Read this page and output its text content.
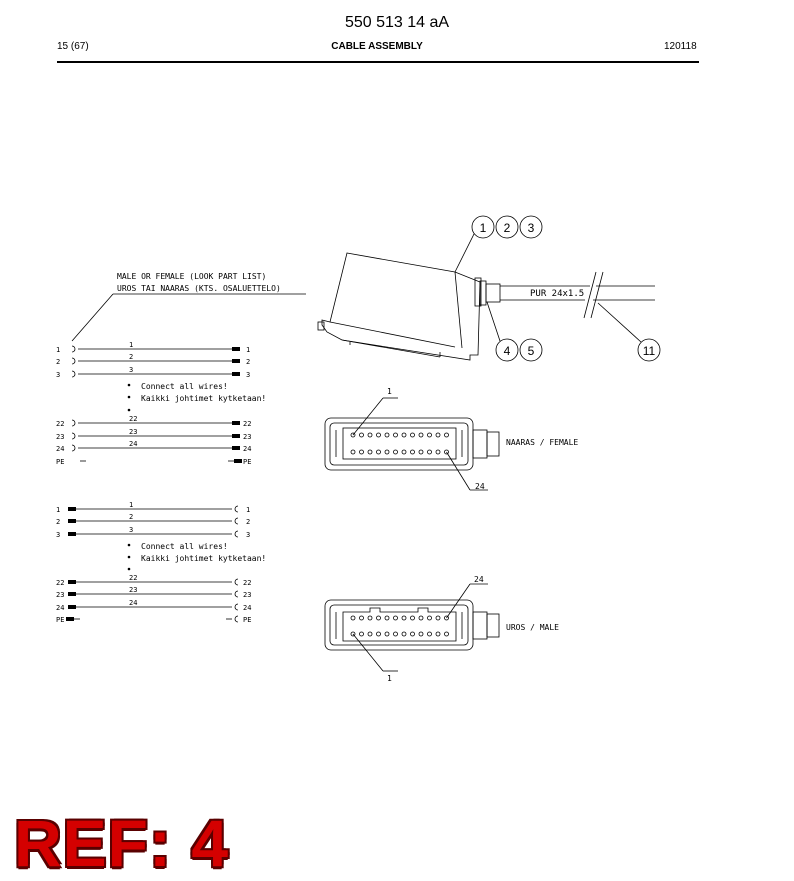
550 513 14 aA
15 (67)	CABLE ASSEMBLY	120118
PUR 24x1.5
1 2 3
4 5	11
MALE OR FEMALE (LOOK PART LIST)
UROS TAI NAARAS (KTS. OSALUETTELO)
1
2
3
22
23
24
PE
1
2
3
22
23
24
PE
1
2
3
22
23
24
Connect all wires!
Kaikki johtimet kytketaan!
1
2
3
22
23
24
PE
1
2
3
22
23
24
PE
1
2
3
22
23
24
Connect all wires!
Kaikki johtimet kytketaan!
1
24
NAARAS / FEMALE
24
1
UROS / MALE
REF: 4
